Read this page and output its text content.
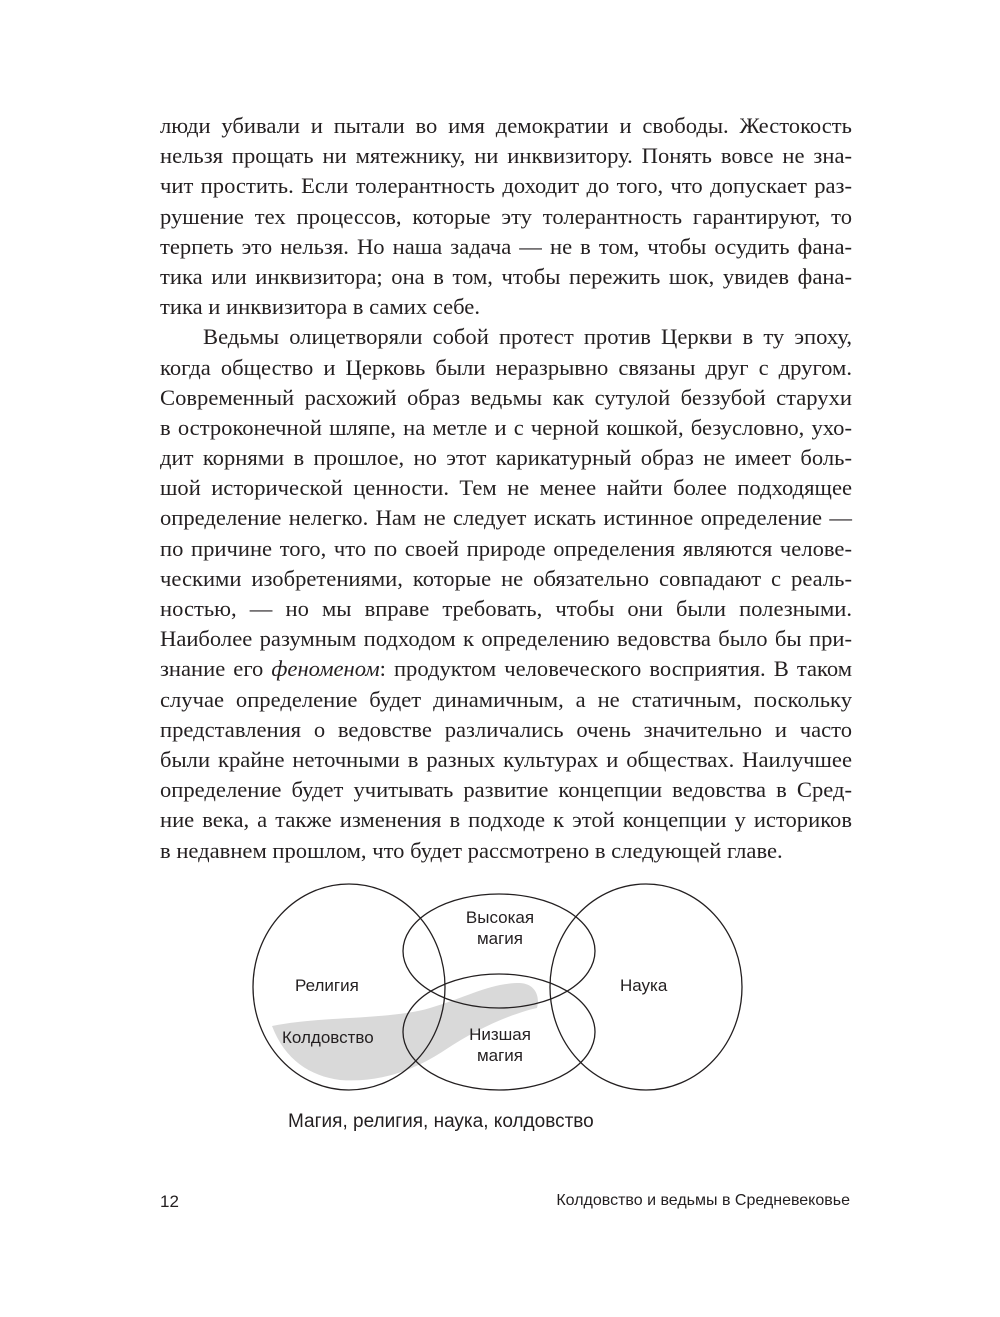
люди убивали и пытали во имя демократии и свободы. Жестокость
нельзя прощать ни мятежнику, ни инквизитору. Понять вовсе не зна-
чит простить. Если толерантность доходит до того, что допускает раз-
рушение тех процессов, которые эту толерантность гарантируют, то
терпеть это нельзя. Но наша задача — не в том, чтобы осудить фана-
тика или инквизитора; она в том, чтобы пережить шок, увидев фана-
тика и инквизитора в самих себе.
Ведьмы олицетворяли собой протест против Церкви в ту эпоху,
когда общество и Церковь были неразрывно связаны друг с другом.
Современный расхожий образ ведьмы как сутулой беззубой старухи
в остроконечной шляпе, на метле и с черной кошкой, безусловно, ухо-
дит корнями в прошлое, но этот карикатурный образ не имеет боль-
шой исторической ценности. Тем не менее найти более подходящее
определение нелегко. Нам не следует искать истинное определение —
по причине того, что по своей природе определения являются челове-
ческими изобретениями, которые не обязательно совпадают с реаль-
ностью, — но мы вправе требовать, чтобы они были полезными.
Наиболее разумным подходом к определению ведовства было бы при-
знание его феноменом: продуктом человеческого восприятия. В таком
случае определение будет динамичным, а не статичным, поскольку
представления о ведовстве различались очень значительно и часто
были крайне неточными в разных культурах и обществах. Наилучшее
определение будет учитывать развитие концепции ведовства в Сред-
ние века, а также изменения в подходе к этой концепции у историков
в недавнем прошлом, что будет рассмотрено в следующей главе.
Религия
Высокая
магия
Наука
Колдовство	Низшая
магия
Магия, религия, наука, колдовство
12	Колдовство и ведьмы в Средневековье
